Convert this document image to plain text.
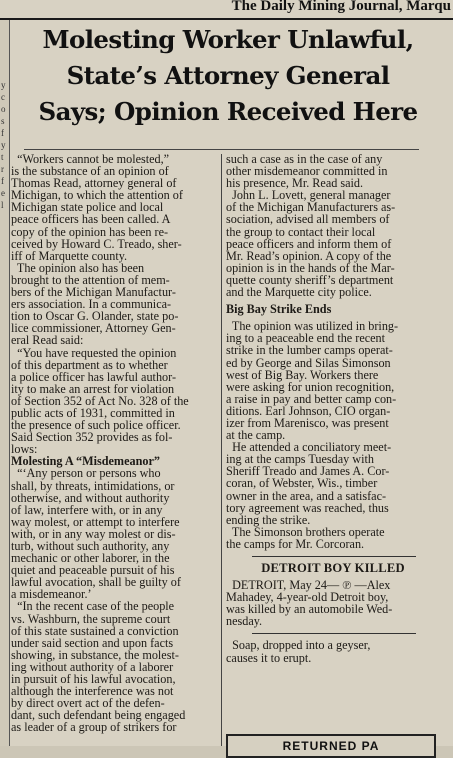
The Daily Mining Journal, Marqu
y
c
o
s
f
y
t
r
f
e
l
Molesting Worker Unlawful,
State’s Attorney General
Says; Opinion Received Here
“Workers cannot be molested,”
is the substance of an opinion of
Thomas Read, attorney general of
Michigan, to which the attention of
Michigan state police and local
peace officers has been called. A
copy of the opinion has been re-
ceived by Howard C. Treado, sher-
iff of Marquette county.
The opinion also has been
brought to the attention of mem-
bers of the Michigan Manufactur-
ers association. In a communica-
tion to Oscar G. Olander, state po-
lice commissioner, Attorney Gen-
eral Read said:
“You have requested the opinion
of this department as to whether
a police officer has lawful author-
ity to make an arrest for violation
of Section 352 of Act No. 328 of the
public acts of 1931, committed in
the presence of such police officer.
Said Section 352 provides as fol-
lows:
Molesting A “Misdemeanor”
“‘Any person or persons who
shall, by threats, intimidations, or
otherwise, and without authority
of law, interfere with, or in any
way molest, or attempt to interfere
with, or in any way molest or dis-
turb, without such authority, any
mechanic or other laborer, in the
quiet and peaceable pursuit of his
lawful avocation, shall be guilty of
a misdemeanor.’
“In the recent case of the people
vs. Washburn, the supreme court
of this state sustained a conviction
under said section and upon facts
showing, in substance, the molest-
ing without authority of a laborer
in pursuit of his lawful avocation,
although the interference was not
by direct overt act of the defen-
dant, such defendant being engaged
as leader of a group of strikers for
such a case as in the case of any
other misdemeanor committed in
his presence, Mr. Read said.
John L. Lovett, general manager
of the Michigan Manufacturers as-
sociation, advised all members of
the group to contact their local
peace officers and inform them of
Mr. Read’s opinion. A copy of the
opinion is in the hands of the Mar-
quette county sheriff’s department
and the Marquette city police.
Big Bay Strike Ends
The opinion was utilized in bring-
ing to a peaceable end the recent
strike in the lumber camps operat-
ed by George and Silas Simonson
west of Big Bay. Workers there
were asking for union recognition,
a raise in pay and better camp con-
ditions. Earl Johnson, CIO organ-
izer from Marenisco, was present
at the camp.
He attended a conciliatory meet-
ing at the camps Tuesday with
Sheriff Treado and James A. Cor-
coran, of Webster, Wis., timber
owner in the area, and a satisfac-
tory agreement was reached, thus
ending the strike.
The Simonson brothers operate
the camps for Mr. Corcoran.
DETROIT BOY KILLED
DETROIT, May 24— ℗ —Alex
Mahadey, 4-year-old Detroit boy,
was killed by an automobile Wed-
nesday.
Soap, dropped into a geyser,
causes it to erupt.
RETURNED PA
